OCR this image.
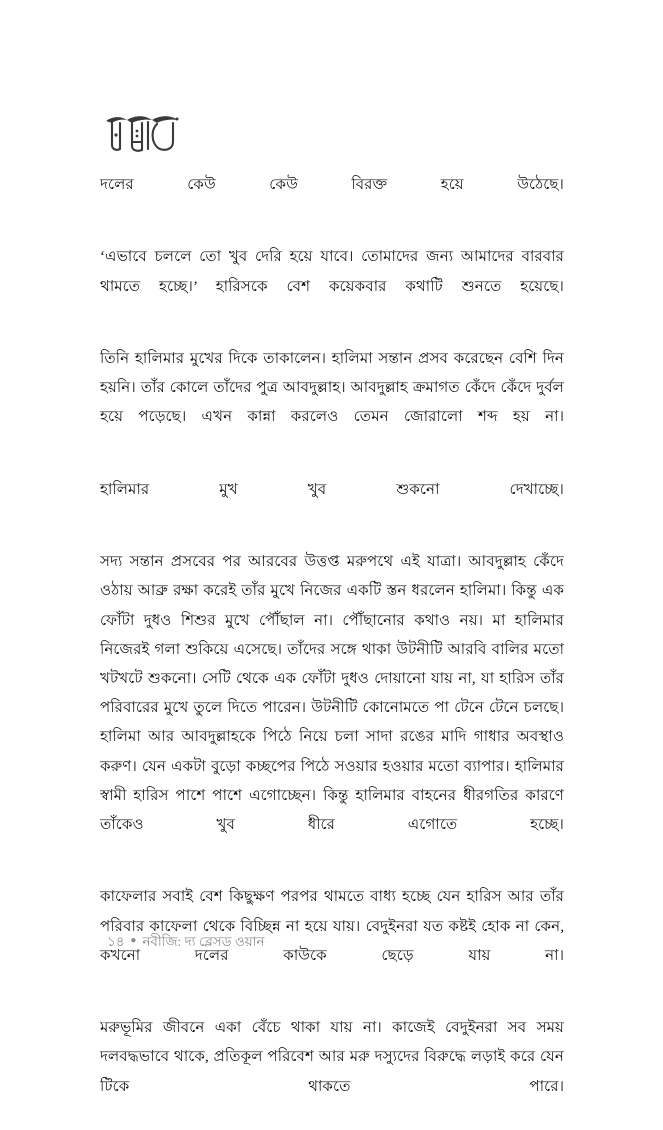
দলের কেউ কেউ বিরক্ত হয়ে উঠেছে।

‘এভাবে চললে তো খুব দেরি হয়ে যাবে। তোমাদের জন্য আমাদের বারবার থামতে হচ্ছে।’ হারিসকে বেশ কয়েকবার কথাটি শুনতে হয়েছে।

তিনি হালিমার মুখের দিকে তাকালেন। হালিমা সন্তান প্রসব করেছেন বেশি দিন হয়নি। তাঁর কোলে তাঁদের পুত্র আবদুল্লাহ। আবদুল্লাহ ক্রমাগত কেঁদে কেঁদে দুর্বল হয়ে পড়েছে। এখন কান্না করলেও তেমন জোরালো শব্দ হয় না।

হালিমার মুখ খুব শুকনো দেখাচ্ছে।

সদ্য সন্তান প্রসবের পর আরবের উত্তপ্ত মরুপথে এই যাত্রা। আবদুল্লাহ কেঁদে ওঠায় আব্রু রক্ষা করেই তাঁর মুখে নিজের একটি স্তন ধরলেন হালিমা। কিন্তু এক ফোঁটা দুধও শিশুর মুখে পৌঁছাল না। পৌঁছানোর কথাও নয়। মা হালিমার নিজেরই গলা শুকিয়ে এসেছে। তাঁদের সঙ্গে থাকা উটনীটি আরবি বালির মতো খটখটে শুকনো। সেটি থেকে এক ফোঁটা দুধও দোয়ানো যায় না, যা হারিস তাঁর পরিবারের মুখে তুলে দিতে পারেন। উটনীটি কোনোমতে পা টেনে টেনে চলছে। হালিমা আর আবদুল্লাহকে পিঠে নিয়ে চলা সাদা রঙের মাদি গাধার অবস্থাও করুণ। যেন একটা বুড়ো কচ্ছপের পিঠে সওয়ার হওয়ার মতো ব্যাপার। হালিমার স্বামী হারিস পাশে পাশে এগোচ্ছেন। কিন্তু হালিমার বাহনের ধীরগতির কারণে তাঁকেও খুব ধীরে এগোতে হচ্ছে।

কাফেলার সবাই বেশ কিছুক্ষণ পরপর থামতে বাধ্য হচ্ছে যেন হারিস আর তাঁর পরিবার কাফেলা থেকে বিচ্ছিন্ন না হয়ে যায়। বেদুইনরা যত কষ্টই হোক না কেন, কখনো দলের কাউকে ছেড়ে যায় না।

মরুভূমির জীবনে একা বেঁচে থাকা যায় না। কাজেই বেদুইনরা সব সময় দলবদ্ধভাবে থাকে, প্রতিকূল পরিবেশ আর মরু দস্যুদের বিরুদ্ধে লড়াই করে যেন টিকে থাকতে পারে।

১৪ ● নবীজি: দ্য ব্লেসড ওয়ান
